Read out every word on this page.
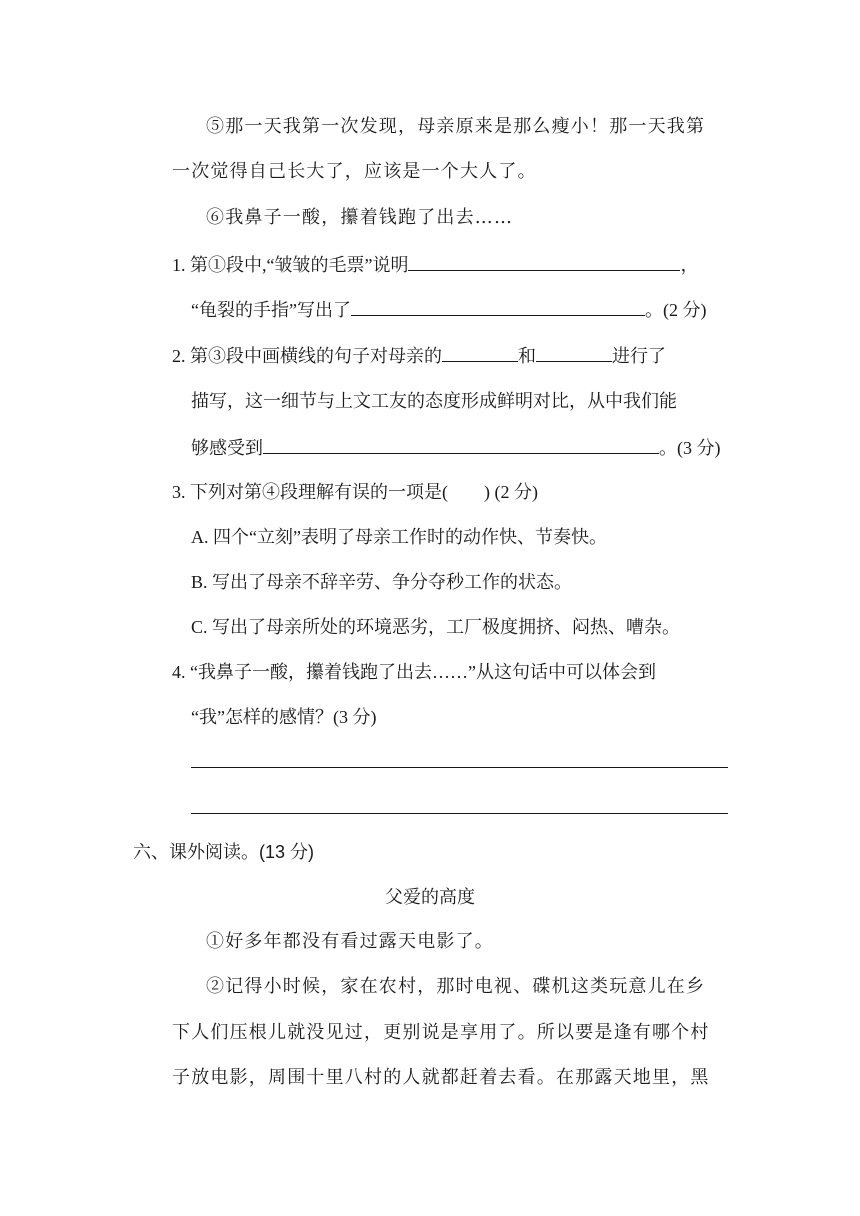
⑤那一天我第一次发现，母亲原来是那么瘦小！那一天我第
一次觉得自己长大了，应该是一个大人了。
⑥我鼻子一酸，攥着钱跑了出去……
1. 第①段中,“皱皱的毛票”说明	，
“龟裂的手指”写出了	。(2 分)
2. 第③段中画横线的句子对母亲的	和	进行了
描写，这一细节与上文工友的态度形成鲜明对比，从中我们能
够感受到	。(3 分)
3. 下列对第④段理解有误的一项是(　　) (2 分)
A. 四个“立刻”表明了母亲工作时的动作快、节奏快。
B. 写出了母亲不辞辛劳、争分夺秒工作的状态。
C. 写出了母亲所处的环境恶劣，工厂极度拥挤、闷热、嘈杂。
4. “我鼻子一酸，攥着钱跑了出去……”从这句话中可以体会到
“我”怎样的感情？(3 分)
六、课外阅读。(13 分)
父爱的高度
①好多年都没有看过露天电影了。
②记得小时候，家在农村，那时电视、碟机这类玩意儿在乡
下人们压根儿就没见过，更别说是享用了。所以要是逢有哪个村
子放电影，周围十里八村的人就都赶着去看。在那露天地里，黑
